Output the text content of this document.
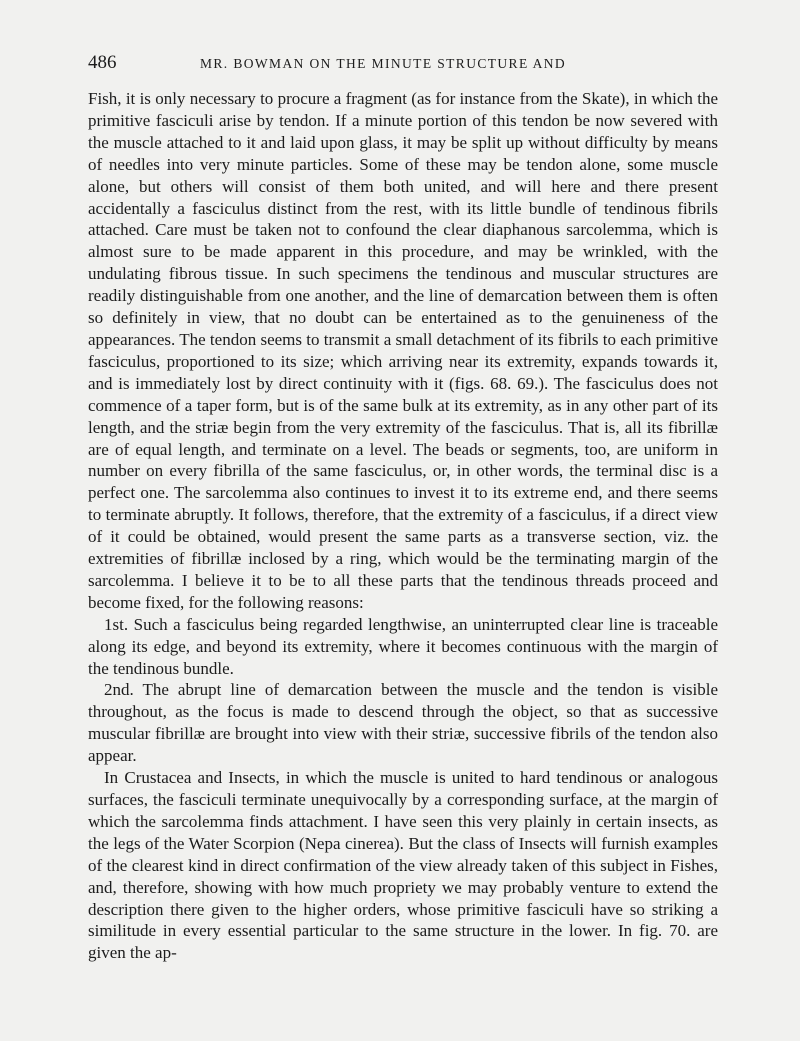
486	MR. BOWMAN ON THE MINUTE STRUCTURE AND

Fish, it is only necessary to procure a fragment (as for instance from the Skate), in which the primitive fasciculi arise by tendon. If a minute portion of this tendon be now severed with the muscle attached to it and laid upon glass, it may be split up without difficulty by means of needles into very minute particles. Some of these may be tendon alone, some muscle alone, but others will consist of them both united, and will here and there present accidentally a fasciculus distinct from the rest, with its little bundle of tendinous fibrils attached. Care must be taken not to confound the clear diaphanous sarcolemma, which is almost sure to be made apparent in this procedure, and may be wrinkled, with the undulating fibrous tissue. In such specimens the tendinous and muscular structures are readily distinguishable from one another, and the line of demarcation between them is often so definitely in view, that no doubt can be entertained as to the genuineness of the appearances. The tendon seems to transmit a small detachment of its fibrils to each primitive fasciculus, proportioned to its size; which arriving near its extremity, expands towards it, and is immediately lost by direct continuity with it (figs. 68. 69.). The fasciculus does not commence of a taper form, but is of the same bulk at its extremity, as in any other part of its length, and the striæ begin from the very extremity of the fasciculus. That is, all its fibrillæ are of equal length, and terminate on a level. The beads or segments, too, are uniform in number on every fibrilla of the same fasciculus, or, in other words, the terminal disc is a perfect one. The sarcolemma also continues to invest it to its extreme end, and there seems to terminate abruptly. It follows, therefore, that the extremity of a fasciculus, if a direct view of it could be obtained, would present the same parts as a transverse section, viz. the extremities of fibrillæ inclosed by a ring, which would be the terminating margin of the sarcolemma. I believe it to be to all these parts that the tendinous threads proceed and become fixed, for the following reasons:

1st. Such a fasciculus being regarded lengthwise, an uninterrupted clear line is traceable along its edge, and beyond its extremity, where it becomes continuous with the margin of the tendinous bundle.

2nd. The abrupt line of demarcation between the muscle and the tendon is visible throughout, as the focus is made to descend through the object, so that as successive muscular fibrillæ are brought into view with their striæ, successive fibrils of the tendon also appear.

In Crustacea and Insects, in which the muscle is united to hard tendinous or analogous surfaces, the fasciculi terminate unequivocally by a corresponding surface, at the margin of which the sarcolemma finds attachment. I have seen this very plainly in certain insects, as the legs of the Water Scorpion (Nepa cinerea). But the class of Insects will furnish examples of the clearest kind in direct confirmation of the view already taken of this subject in Fishes, and, therefore, showing with how much propriety we may probably venture to extend the description there given to the higher orders, whose primitive fasciculi have so striking a similitude in every essential particular to the same structure in the lower. In fig. 70. are given the ap-
